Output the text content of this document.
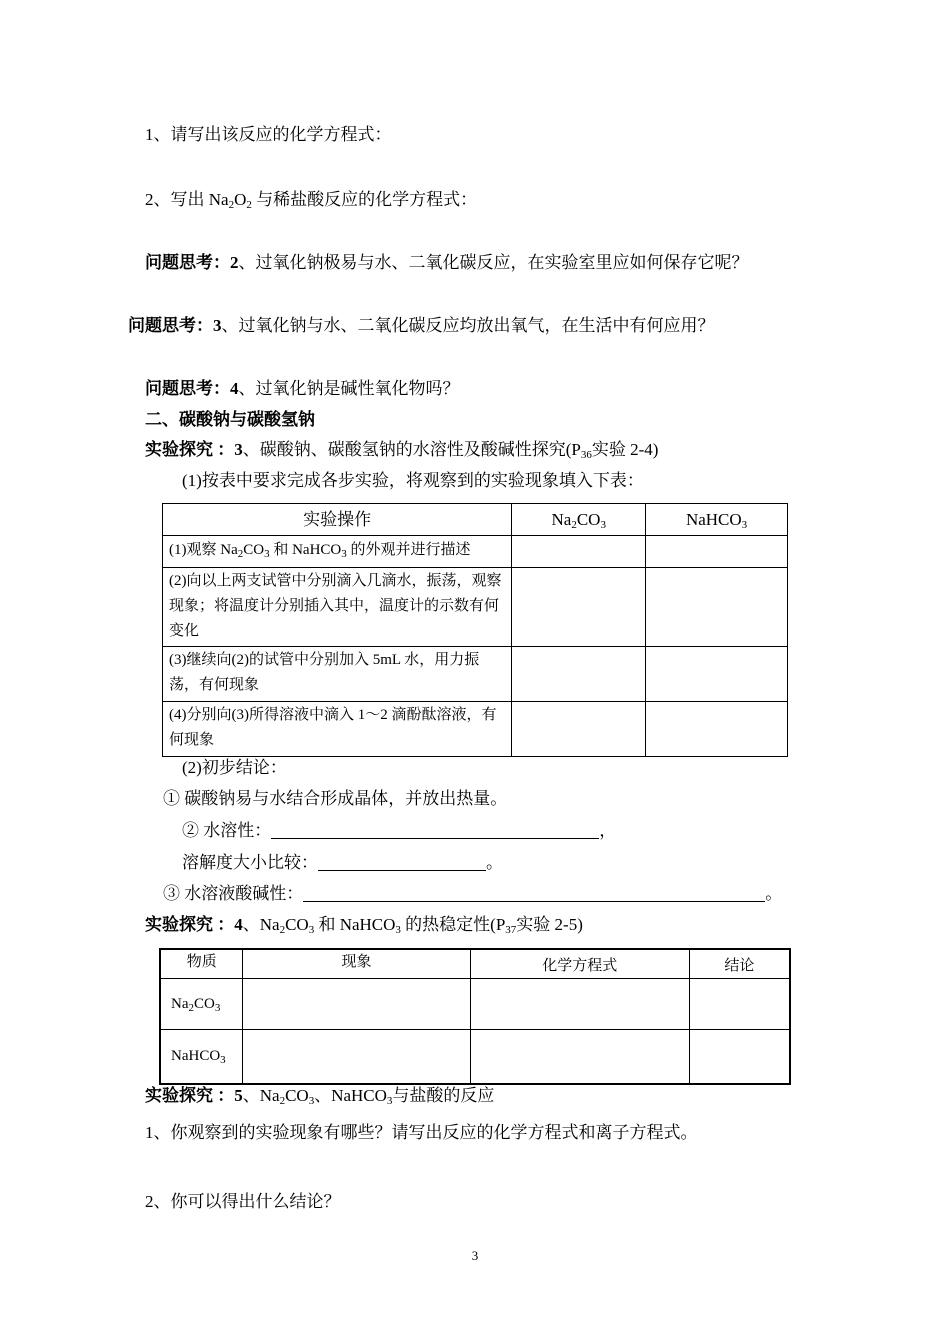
1、请写出该反应的化学方程式：
2、写出 $Na_2O_2$ 与稀盐酸反应的化学方程式：
问题思考：2、过氧化钠极易与水、二氧化碳反应，在实验室里应如何保存它呢？
问题思考：3、过氧化钠与水、二氧化碳反应均放出氧气，在生活中有何应用？
问题思考：4、过氧化钠是碱性氧化物吗？
二、碳酸钠与碳酸氢钠
实验探究 ：3、碳酸钠、碳酸氢钠的水溶性及酸碱性探究($P_{36}$实验 2-4)
(1)按表中要求完成各步实验，将观察到的实验现象填入下表：
实验操作	$Na_2CO_3$	NaHCO$_3$
(1)观察 $Na_2CO_3$ 和 NaHCO$_3$ 的外观并进行描述		
(2)向以上两支试管中分别滴入几滴水，振荡，观察现象；将温度计分别插入其中，温度计的示数有何变化		
(3)继续向(2)的试管中分别加入 5mL 水，用力振荡，有何现象		
(4)分别向(3)所得溶液中滴入 1～2 滴酚酞溶液，有何现象		
(2)初步结论：
① 碳酸钠易与水结合形成晶体，并放出热量。
② 水溶性：	，
溶解度大小比较：	。
③ 水溶液酸碱性：	。
实验探究 ：4、$Na_2CO_3$ 和 NaHCO$_3$ 的热稳定性($P_{37}$实验 2-5)
物质	现象	化学方程式	结论
$Na_2CO_3$			
NaHCO$_3$			
实验探究 ：5、$Na_2CO_3$、NaHCO$_3$与盐酸的反应
1、你观察到的实验现象有哪些？请写出反应的化学方程式和离子方程式。
2、你可以得出什么结论？
3
